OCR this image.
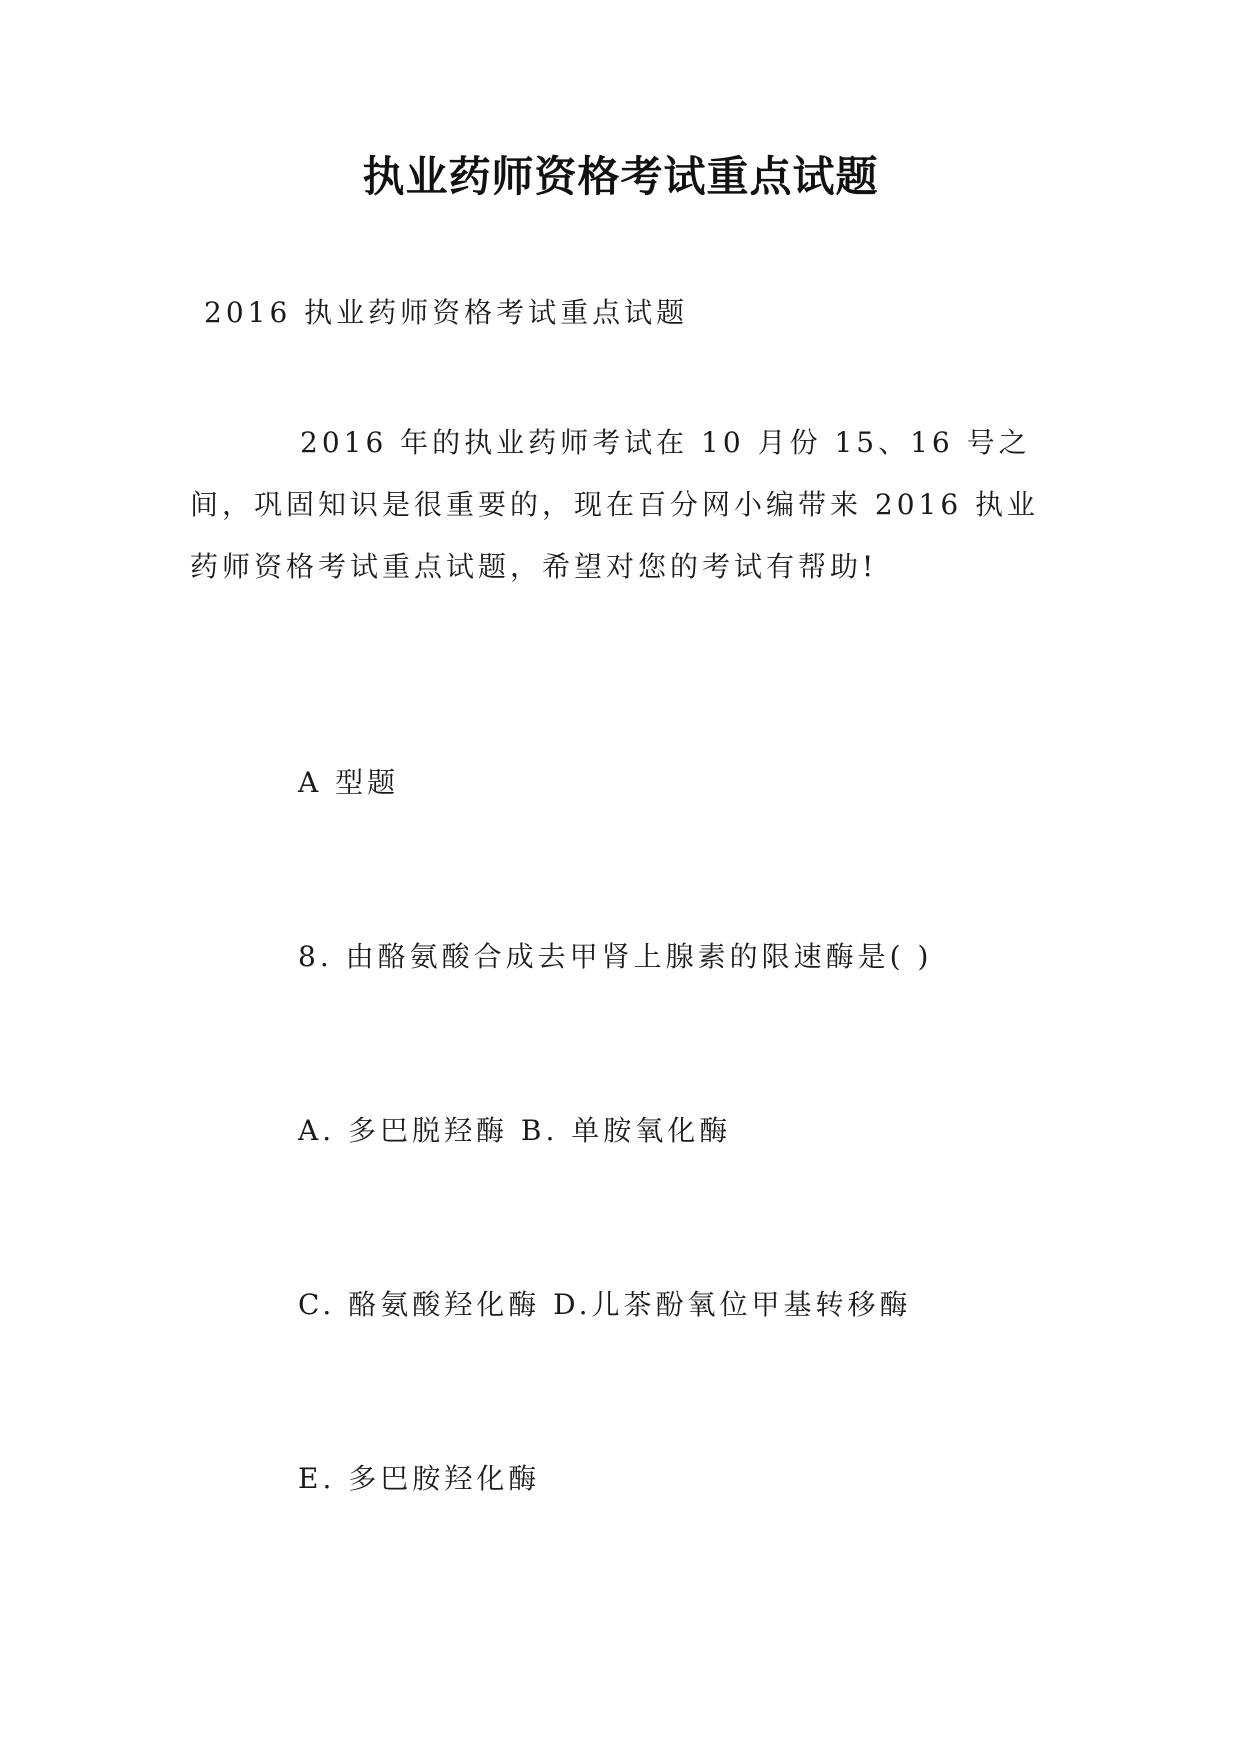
执业药师资格考试重点试题
2016 执业药师资格考试重点试题

2016 年的执业药师考试在 10 月份 15、16 号之间，巩固知识是很重要的，现在百分网小编带来 2016 执业药师资格考试重点试题，希望对您的考试有帮助!

A 型题
8. 由酪氨酸合成去甲肾上腺素的限速酶是( )
A. 多巴脱羟酶 B. 单胺氧化酶
C. 酪氨酸羟化酶 D.儿茶酚氧位甲基转移酶
E. 多巴胺羟化酶
